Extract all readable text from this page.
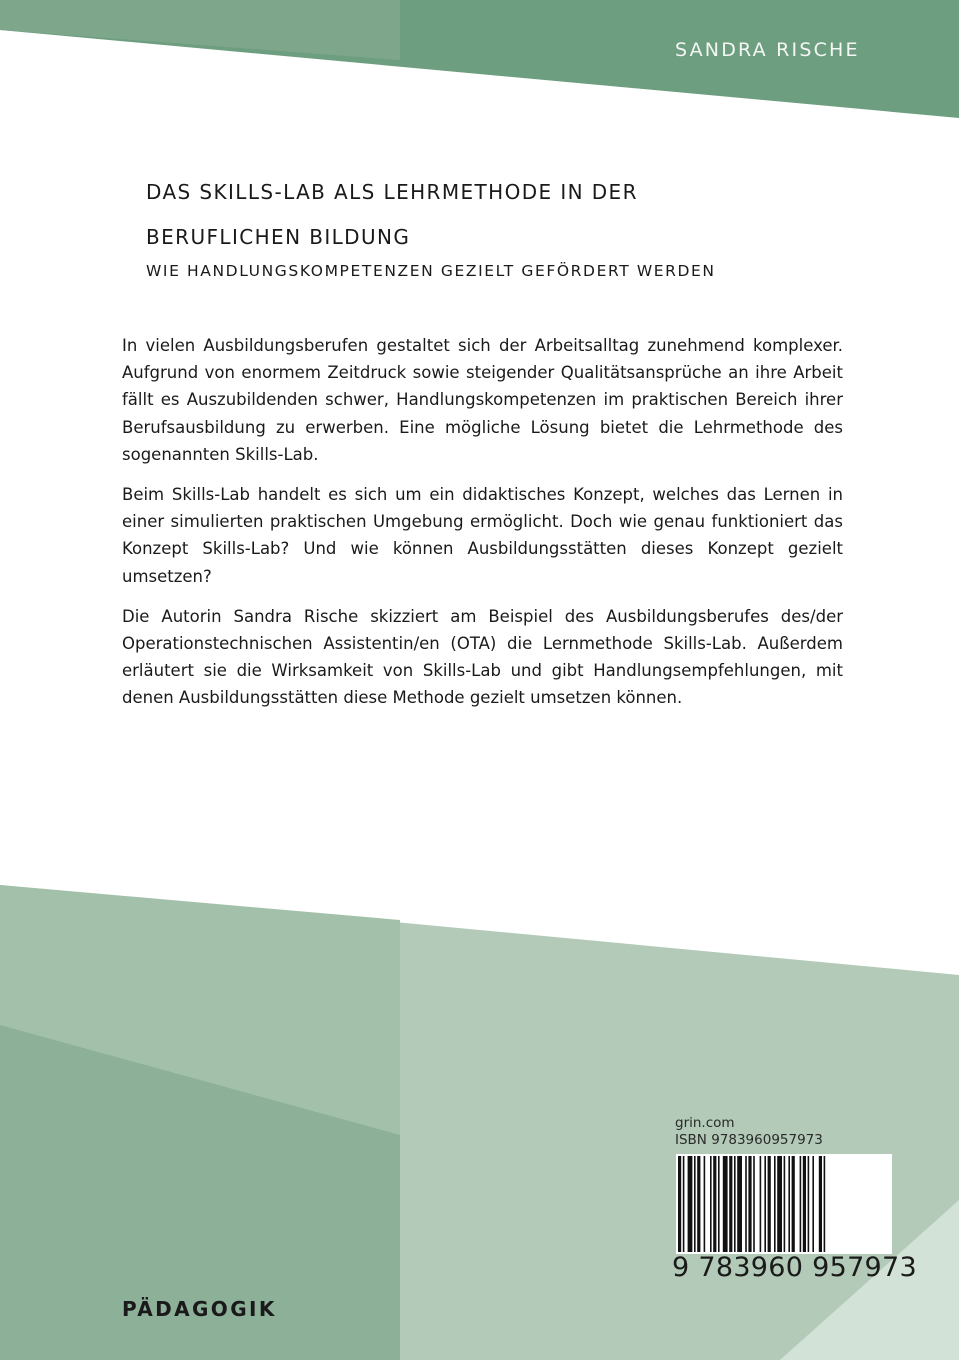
SANDRA RISCHE
DAS SKILLS-LAB ALS LEHRMETHODE IN DER
BERUFLICHEN BILDUNG
WIE HANDLUNGSKOMPETENZEN GEZIELT GEFÖRDERT WERDEN

In vielen Ausbildungsberufen gestaltet sich der Arbeitsalltag zunehmend komplexer. Aufgrund von enormem Zeitdruck sowie steigender Qualitätsansprüche an ihre Arbeit fällt es Auszubildenden schwer, Handlungskompetenzen im praktischen Bereich ihrer Berufsausbildung zu erwerben. Eine mögliche Lösung bietet die Lehrmethode des sogenannten Skills-Lab.

Beim Skills-Lab handelt es sich um ein didaktisches Konzept, welches das Lernen in einer simulierten praktischen Umgebung ermöglicht. Doch wie genau funktioniert das Konzept Skills-Lab? Und wie können Ausbildungsstätten dieses Konzept gezielt umsetzen?

Die Autorin Sandra Rische skizziert am Beispiel des Ausbildungsberufes des/der Operationstechnischen Assistentin/en (OTA) die Lernmethode Skills-Lab. Außerdem erläutert sie die Wirksamkeit von Skills-Lab und gibt Handlungsempfehlungen, mit denen Ausbildungsstätten diese Methode gezielt umsetzen können.

grin.com
ISBN 9783960957973
9 783960 957973
PÄDAGOGIK
